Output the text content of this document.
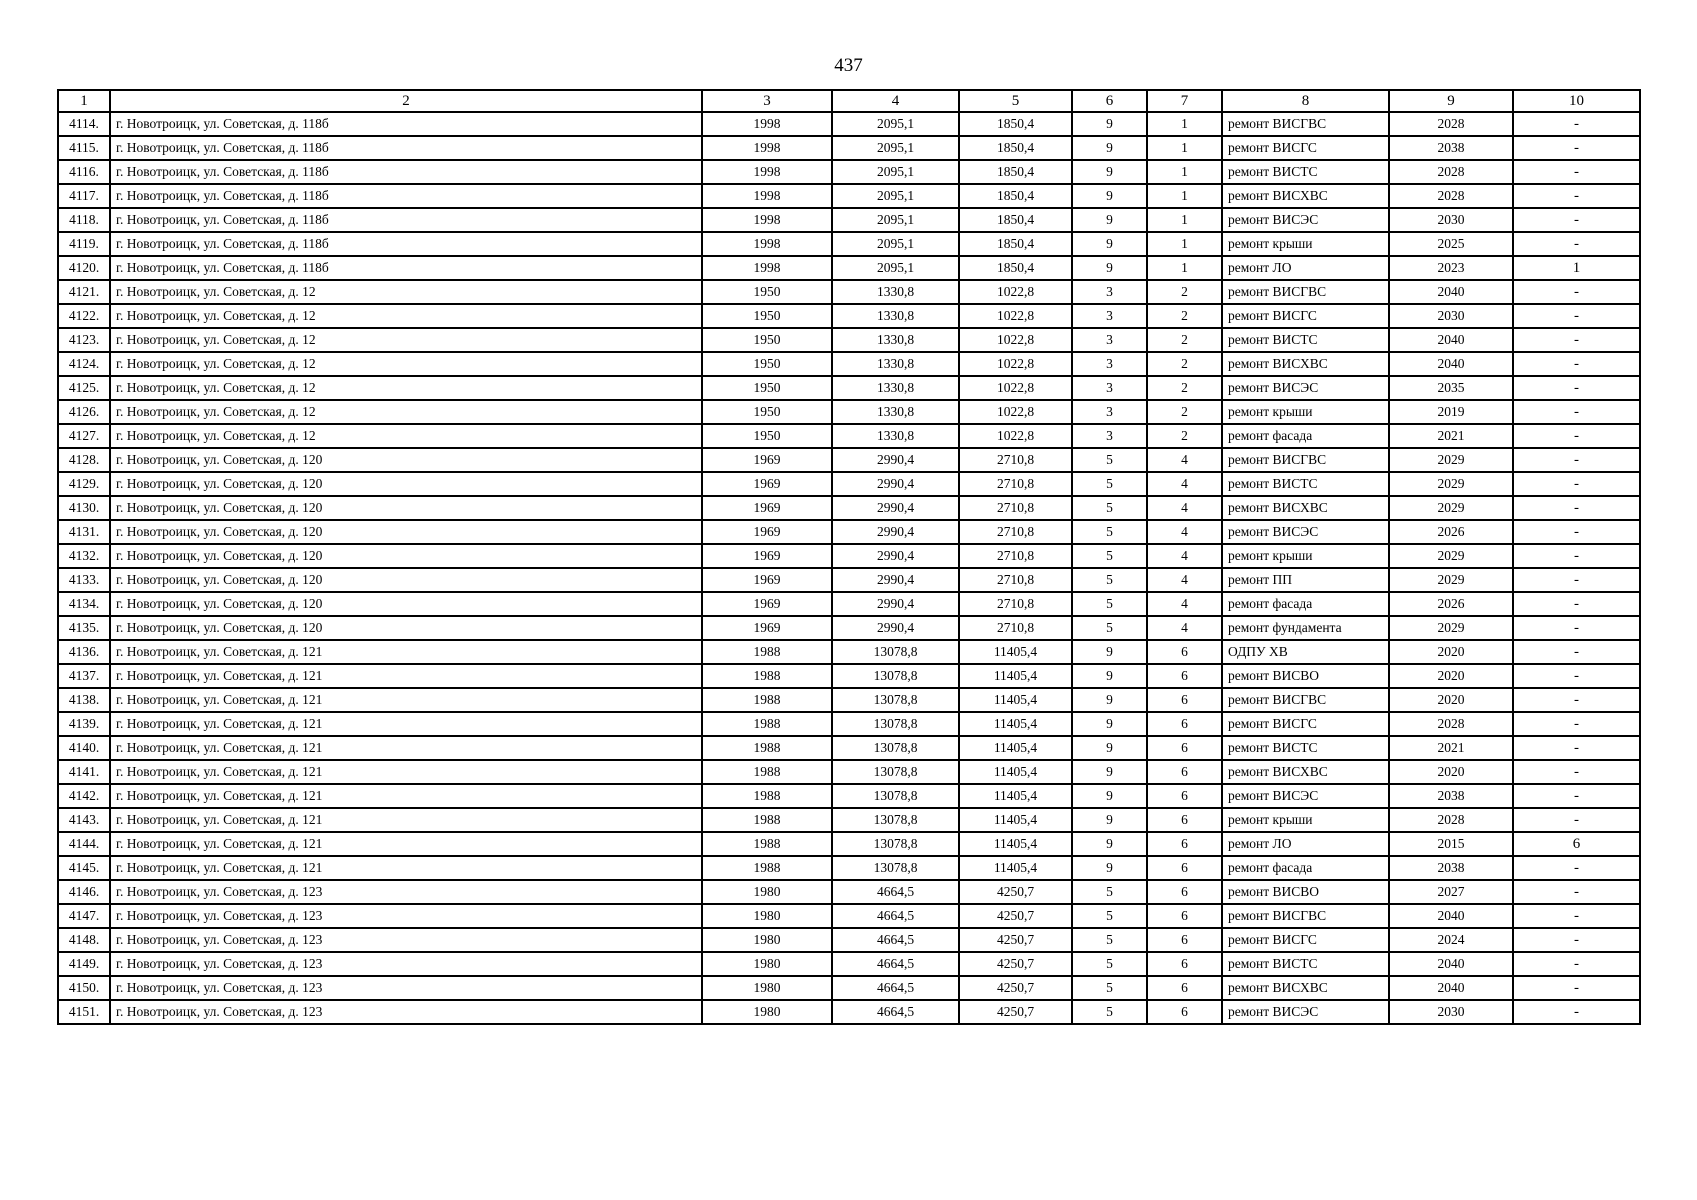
437
1	2	3	4	5	6	7	8	9	10
4114.	г. Новотроицк, ул. Советская, д. 118б	1998	2095,1	1850,4	9	1	ремонт ВИСГВС	2028	-
4115.	г. Новотроицк, ул. Советская, д. 118б	1998	2095,1	1850,4	9	1	ремонт ВИСГС	2038	-
4116.	г. Новотроицк, ул. Советская, д. 118б	1998	2095,1	1850,4	9	1	ремонт ВИСТС	2028	-
4117.	г. Новотроицк, ул. Советская, д. 118б	1998	2095,1	1850,4	9	1	ремонт ВИСХВС	2028	-
4118.	г. Новотроицк, ул. Советская, д. 118б	1998	2095,1	1850,4	9	1	ремонт ВИСЭС	2030	-
4119.	г. Новотроицк, ул. Советская, д. 118б	1998	2095,1	1850,4	9	1	ремонт крыши	2025	-
4120.	г. Новотроицк, ул. Советская, д. 118б	1998	2095,1	1850,4	9	1	ремонт ЛО	2023	1
4121.	г. Новотроицк, ул. Советская, д. 12	1950	1330,8	1022,8	3	2	ремонт ВИСГВС	2040	-
4122.	г. Новотроицк, ул. Советская, д. 12	1950	1330,8	1022,8	3	2	ремонт ВИСГС	2030	-
4123.	г. Новотроицк, ул. Советская, д. 12	1950	1330,8	1022,8	3	2	ремонт ВИСТС	2040	-
4124.	г. Новотроицк, ул. Советская, д. 12	1950	1330,8	1022,8	3	2	ремонт ВИСХВС	2040	-
4125.	г. Новотроицк, ул. Советская, д. 12	1950	1330,8	1022,8	3	2	ремонт ВИСЭС	2035	-
4126.	г. Новотроицк, ул. Советская, д. 12	1950	1330,8	1022,8	3	2	ремонт крыши	2019	-
4127.	г. Новотроицк, ул. Советская, д. 12	1950	1330,8	1022,8	3	2	ремонт фасада	2021	-
4128.	г. Новотроицк, ул. Советская, д. 120	1969	2990,4	2710,8	5	4	ремонт ВИСГВС	2029	-
4129.	г. Новотроицк, ул. Советская, д. 120	1969	2990,4	2710,8	5	4	ремонт ВИСТС	2029	-
4130.	г. Новотроицк, ул. Советская, д. 120	1969	2990,4	2710,8	5	4	ремонт ВИСХВС	2029	-
4131.	г. Новотроицк, ул. Советская, д. 120	1969	2990,4	2710,8	5	4	ремонт ВИСЭС	2026	-
4132.	г. Новотроицк, ул. Советская, д. 120	1969	2990,4	2710,8	5	4	ремонт крыши	2029	-
4133.	г. Новотроицк, ул. Советская, д. 120	1969	2990,4	2710,8	5	4	ремонт ПП	2029	-
4134.	г. Новотроицк, ул. Советская, д. 120	1969	2990,4	2710,8	5	4	ремонт фасада	2026	-
4135.	г. Новотроицк, ул. Советская, д. 120	1969	2990,4	2710,8	5	4	ремонт фундамента	2029	-
4136.	г. Новотроицк, ул. Советская, д. 121	1988	13078,8	11405,4	9	6	ОДПУ ХВ	2020	-
4137.	г. Новотроицк, ул. Советская, д. 121	1988	13078,8	11405,4	9	6	ремонт ВИСВО	2020	-
4138.	г. Новотроицк, ул. Советская, д. 121	1988	13078,8	11405,4	9	6	ремонт ВИСГВС	2020	-
4139.	г. Новотроицк, ул. Советская, д. 121	1988	13078,8	11405,4	9	6	ремонт ВИСГС	2028	-
4140.	г. Новотроицк, ул. Советская, д. 121	1988	13078,8	11405,4	9	6	ремонт ВИСТС	2021	-
4141.	г. Новотроицк, ул. Советская, д. 121	1988	13078,8	11405,4	9	6	ремонт ВИСХВС	2020	-
4142.	г. Новотроицк, ул. Советская, д. 121	1988	13078,8	11405,4	9	6	ремонт ВИСЭС	2038	-
4143.	г. Новотроицк, ул. Советская, д. 121	1988	13078,8	11405,4	9	6	ремонт крыши	2028	-
4144.	г. Новотроицк, ул. Советская, д. 121	1988	13078,8	11405,4	9	6	ремонт ЛО	2015	6
4145.	г. Новотроицк, ул. Советская, д. 121	1988	13078,8	11405,4	9	6	ремонт фасада	2038	-
4146.	г. Новотроицк, ул. Советская, д. 123	1980	4664,5	4250,7	5	6	ремонт ВИСВО	2027	-
4147.	г. Новотроицк, ул. Советская, д. 123	1980	4664,5	4250,7	5	6	ремонт ВИСГВС	2040	-
4148.	г. Новотроицк, ул. Советская, д. 123	1980	4664,5	4250,7	5	6	ремонт ВИСГС	2024	-
4149.	г. Новотроицк, ул. Советская, д. 123	1980	4664,5	4250,7	5	6	ремонт ВИСТС	2040	-
4150.	г. Новотроицк, ул. Советская, д. 123	1980	4664,5	4250,7	5	6	ремонт ВИСХВС	2040	-
4151.	г. Новотроицк, ул. Советская, д. 123	1980	4664,5	4250,7	5	6	ремонт ВИСЭС	2030	-
